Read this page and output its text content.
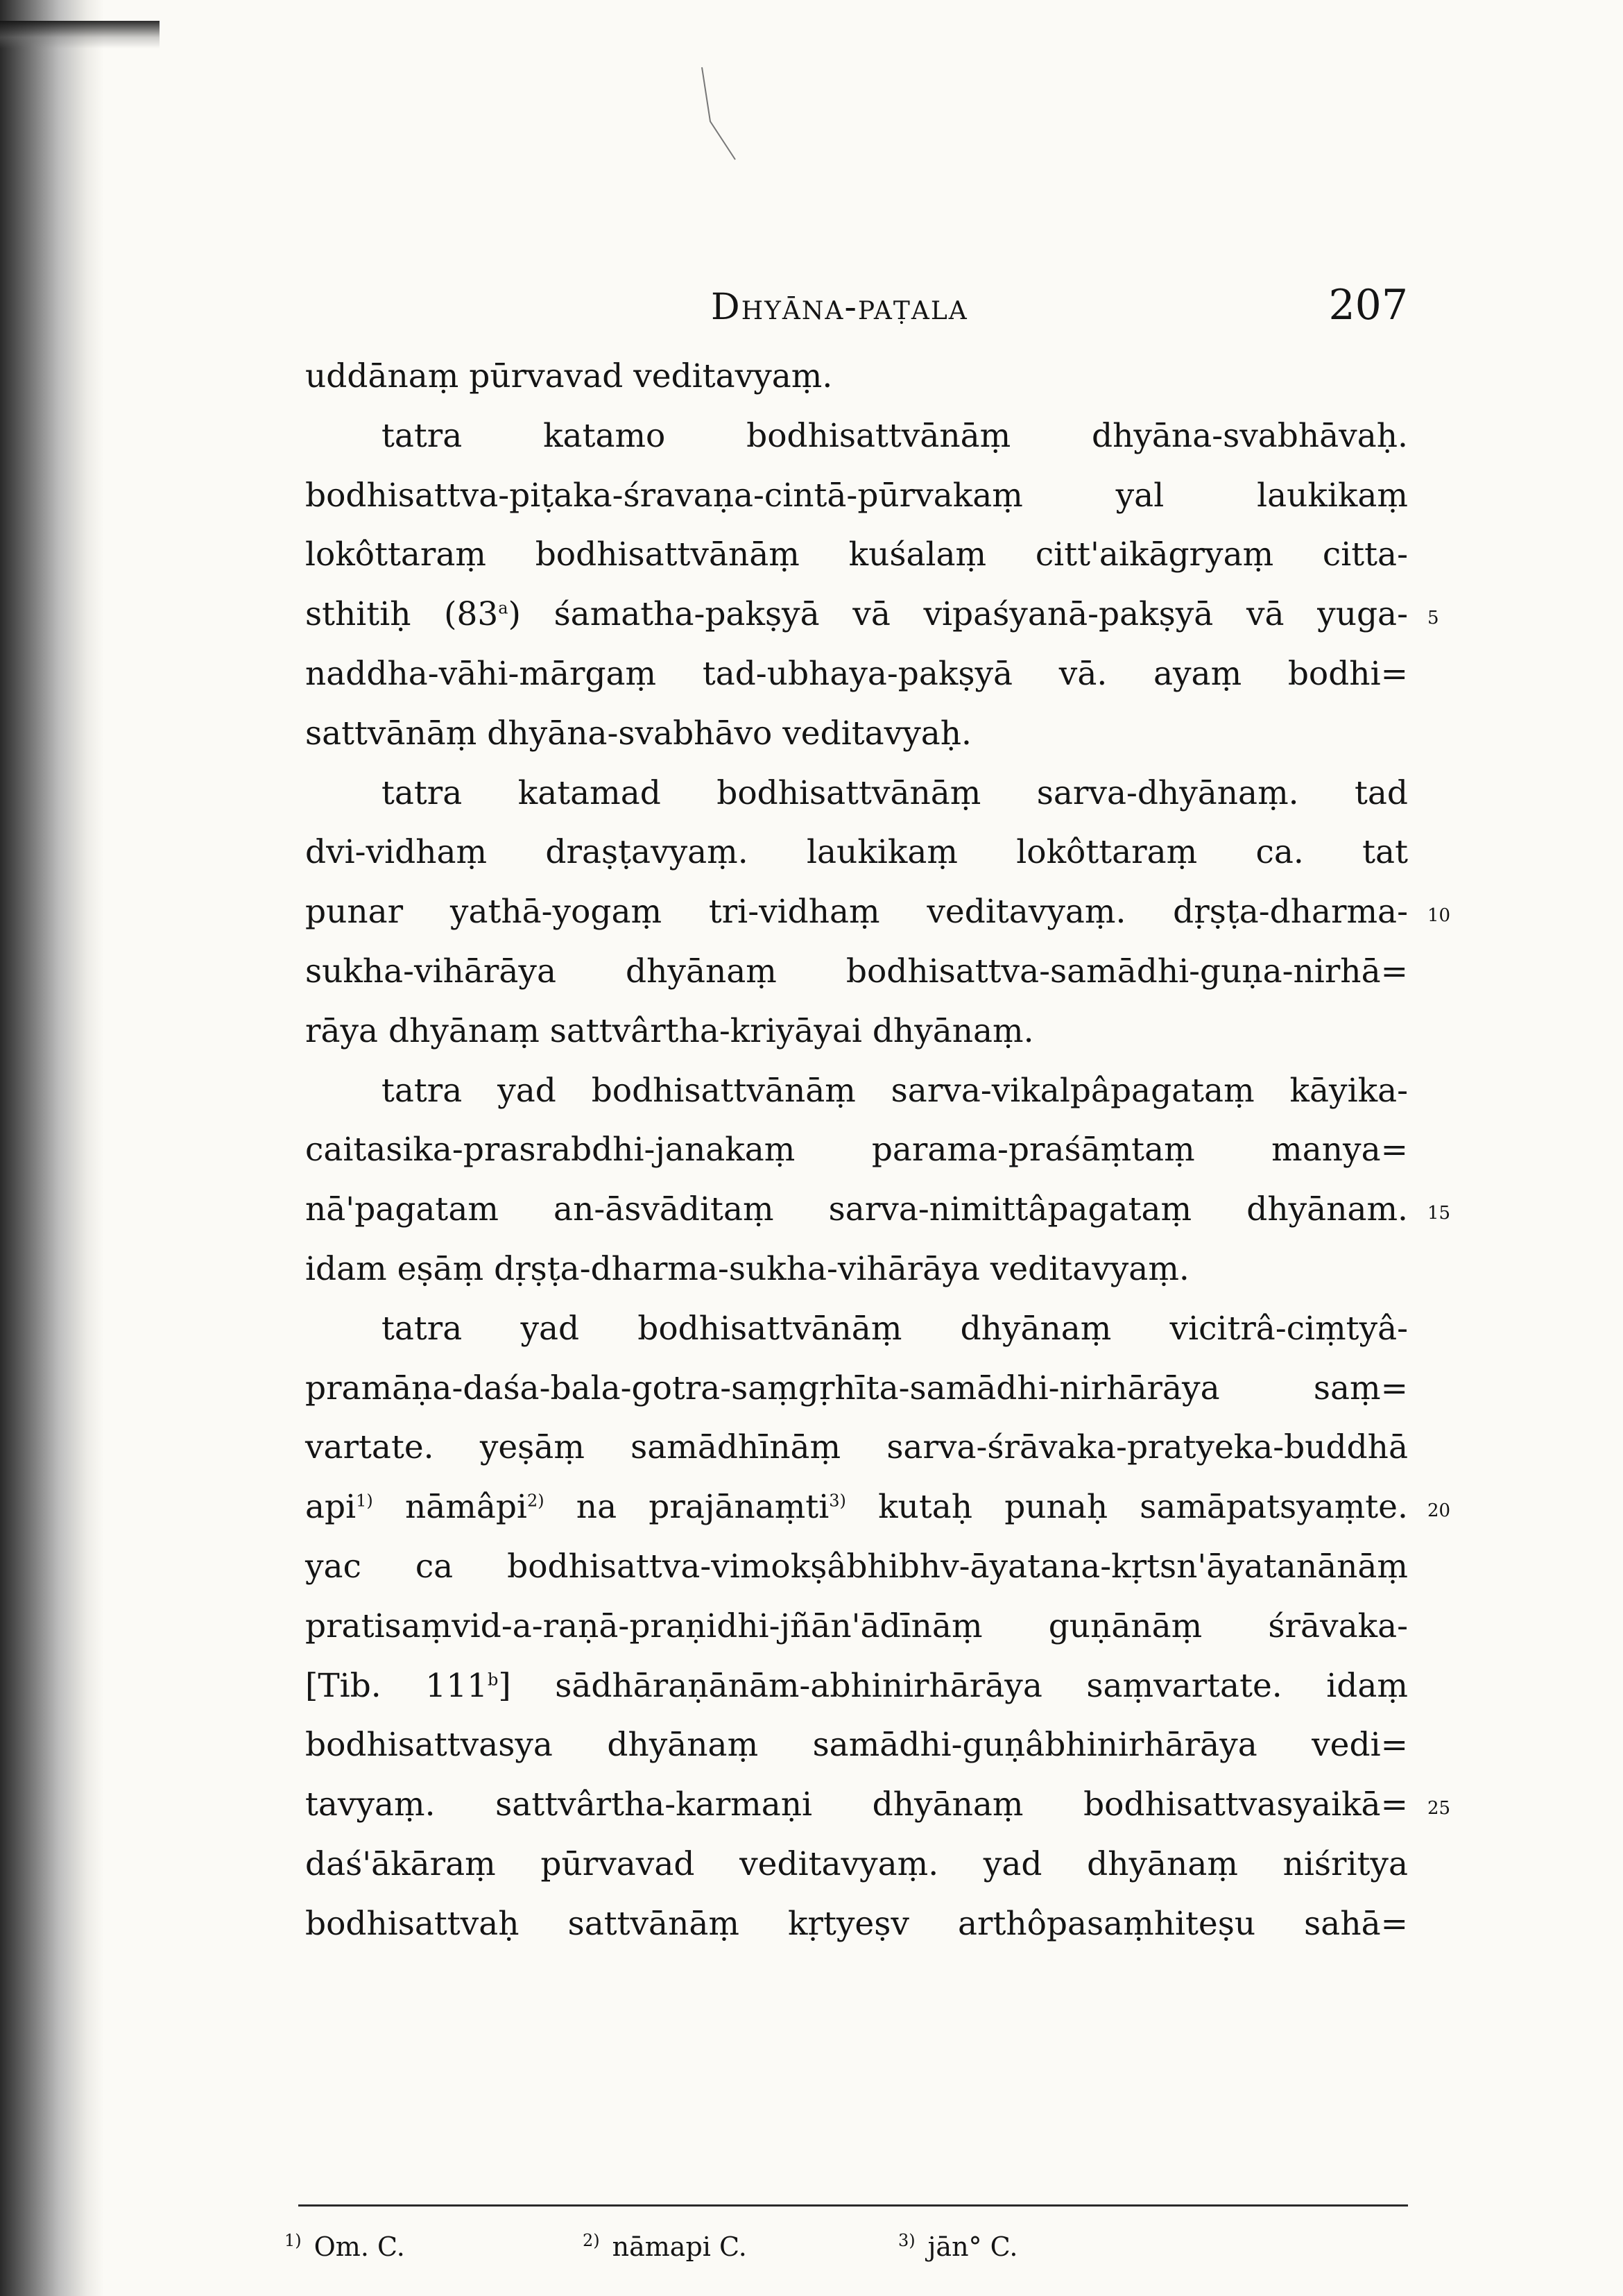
Dhyāna-paṭala	207
uddānaṃ pūrvavad veditavyaṃ.
tatra katamo bodhisattvānāṃ dhyāna-svabhāvaḥ.
bodhisattva-piṭaka-śravaṇa-cintā-pūrvakaṃ	yal	laukikaṃ
lokôttaraṃ bodhisattvānāṃ kuśalaṃ citt'aikāgryaṃ citta-
sthitiḥ (83$^a$) śamatha-pakṣyā vā vipaśyanā-pakṣyā vā yuga- 5
naddha-vāhi-mārgaṃ tad-ubhaya-pakṣyā vā. ayaṃ bodhi=
sattvānāṃ dhyāna-svabhāvo veditavyaḥ.
tatra katamad bodhisattvānāṃ sarva-dhyānaṃ. tad
dvi-vidhaṃ draṣṭavyaṃ. laukikaṃ lokôttaraṃ ca. tat
punar yathā-yogaṃ tri-vidhaṃ veditavyaṃ. dṛṣṭa-dharma- 10
sukha-vihārāya dhyānaṃ bodhisattva-samādhi-guṇa-nirhā=
rāya dhyānaṃ sattvârtha-kriyāyai dhyānaṃ.
tatra yad bodhisattvānāṃ sarva-vikalpâpagataṃ kāyika-
caitasika-prasrabdhi-janakaṃ parama-praśāṃtaṃ manya=
nā'pagatam an-āsvāditaṃ sarva-nimittâpagataṃ dhyānam. 15
idam eṣāṃ dṛṣṭa-dharma-sukha-vihārāya veditavyaṃ.
tatra yad bodhisattvānāṃ dhyānaṃ vicitrâ-ciṃtyâ-
pramāṇa-daśa-bala-gotra-saṃgṛhīta-samādhi-nirhārāya	saṃ=
vartate. yeṣāṃ samādhīnāṃ sarva-śrāvaka-pratyeka-buddhā
api$^{1)}$ nāmâpi$^{2)}$ na prajānaṃti$^{3)}$ kutaḥ punaḥ samāpatsyaṃte. 20
yac ca bodhisattva-vimokṣâbhibhv-āyatana-kṛtsn'āyatanānāṃ
pratisaṃvid-a-raṇā-praṇidhi-jñān'ādīnāṃ guṇānāṃ śrāvaka-
[Tib. 111$^b$] sādhāraṇānām-abhinirhārāya saṃvartate. idaṃ
bodhisattvasya dhyānaṃ samādhi-guṇâbhinirhārāya vedi=
tavyaṃ. sattvârtha-karmaṇi dhyānaṃ bodhisattvasyaikā= 25
daś'ākāraṃ pūrvavad veditavyaṃ. yad dhyānaṃ niśritya
bodhisattvaḥ sattvānāṃ kṛtyeṣv arthôpasaṃhiteṣu sahā=
$^{1)}$ Om. C.	$^{2)}$ nāmapi C.	$^{3)}$ jān° C.
